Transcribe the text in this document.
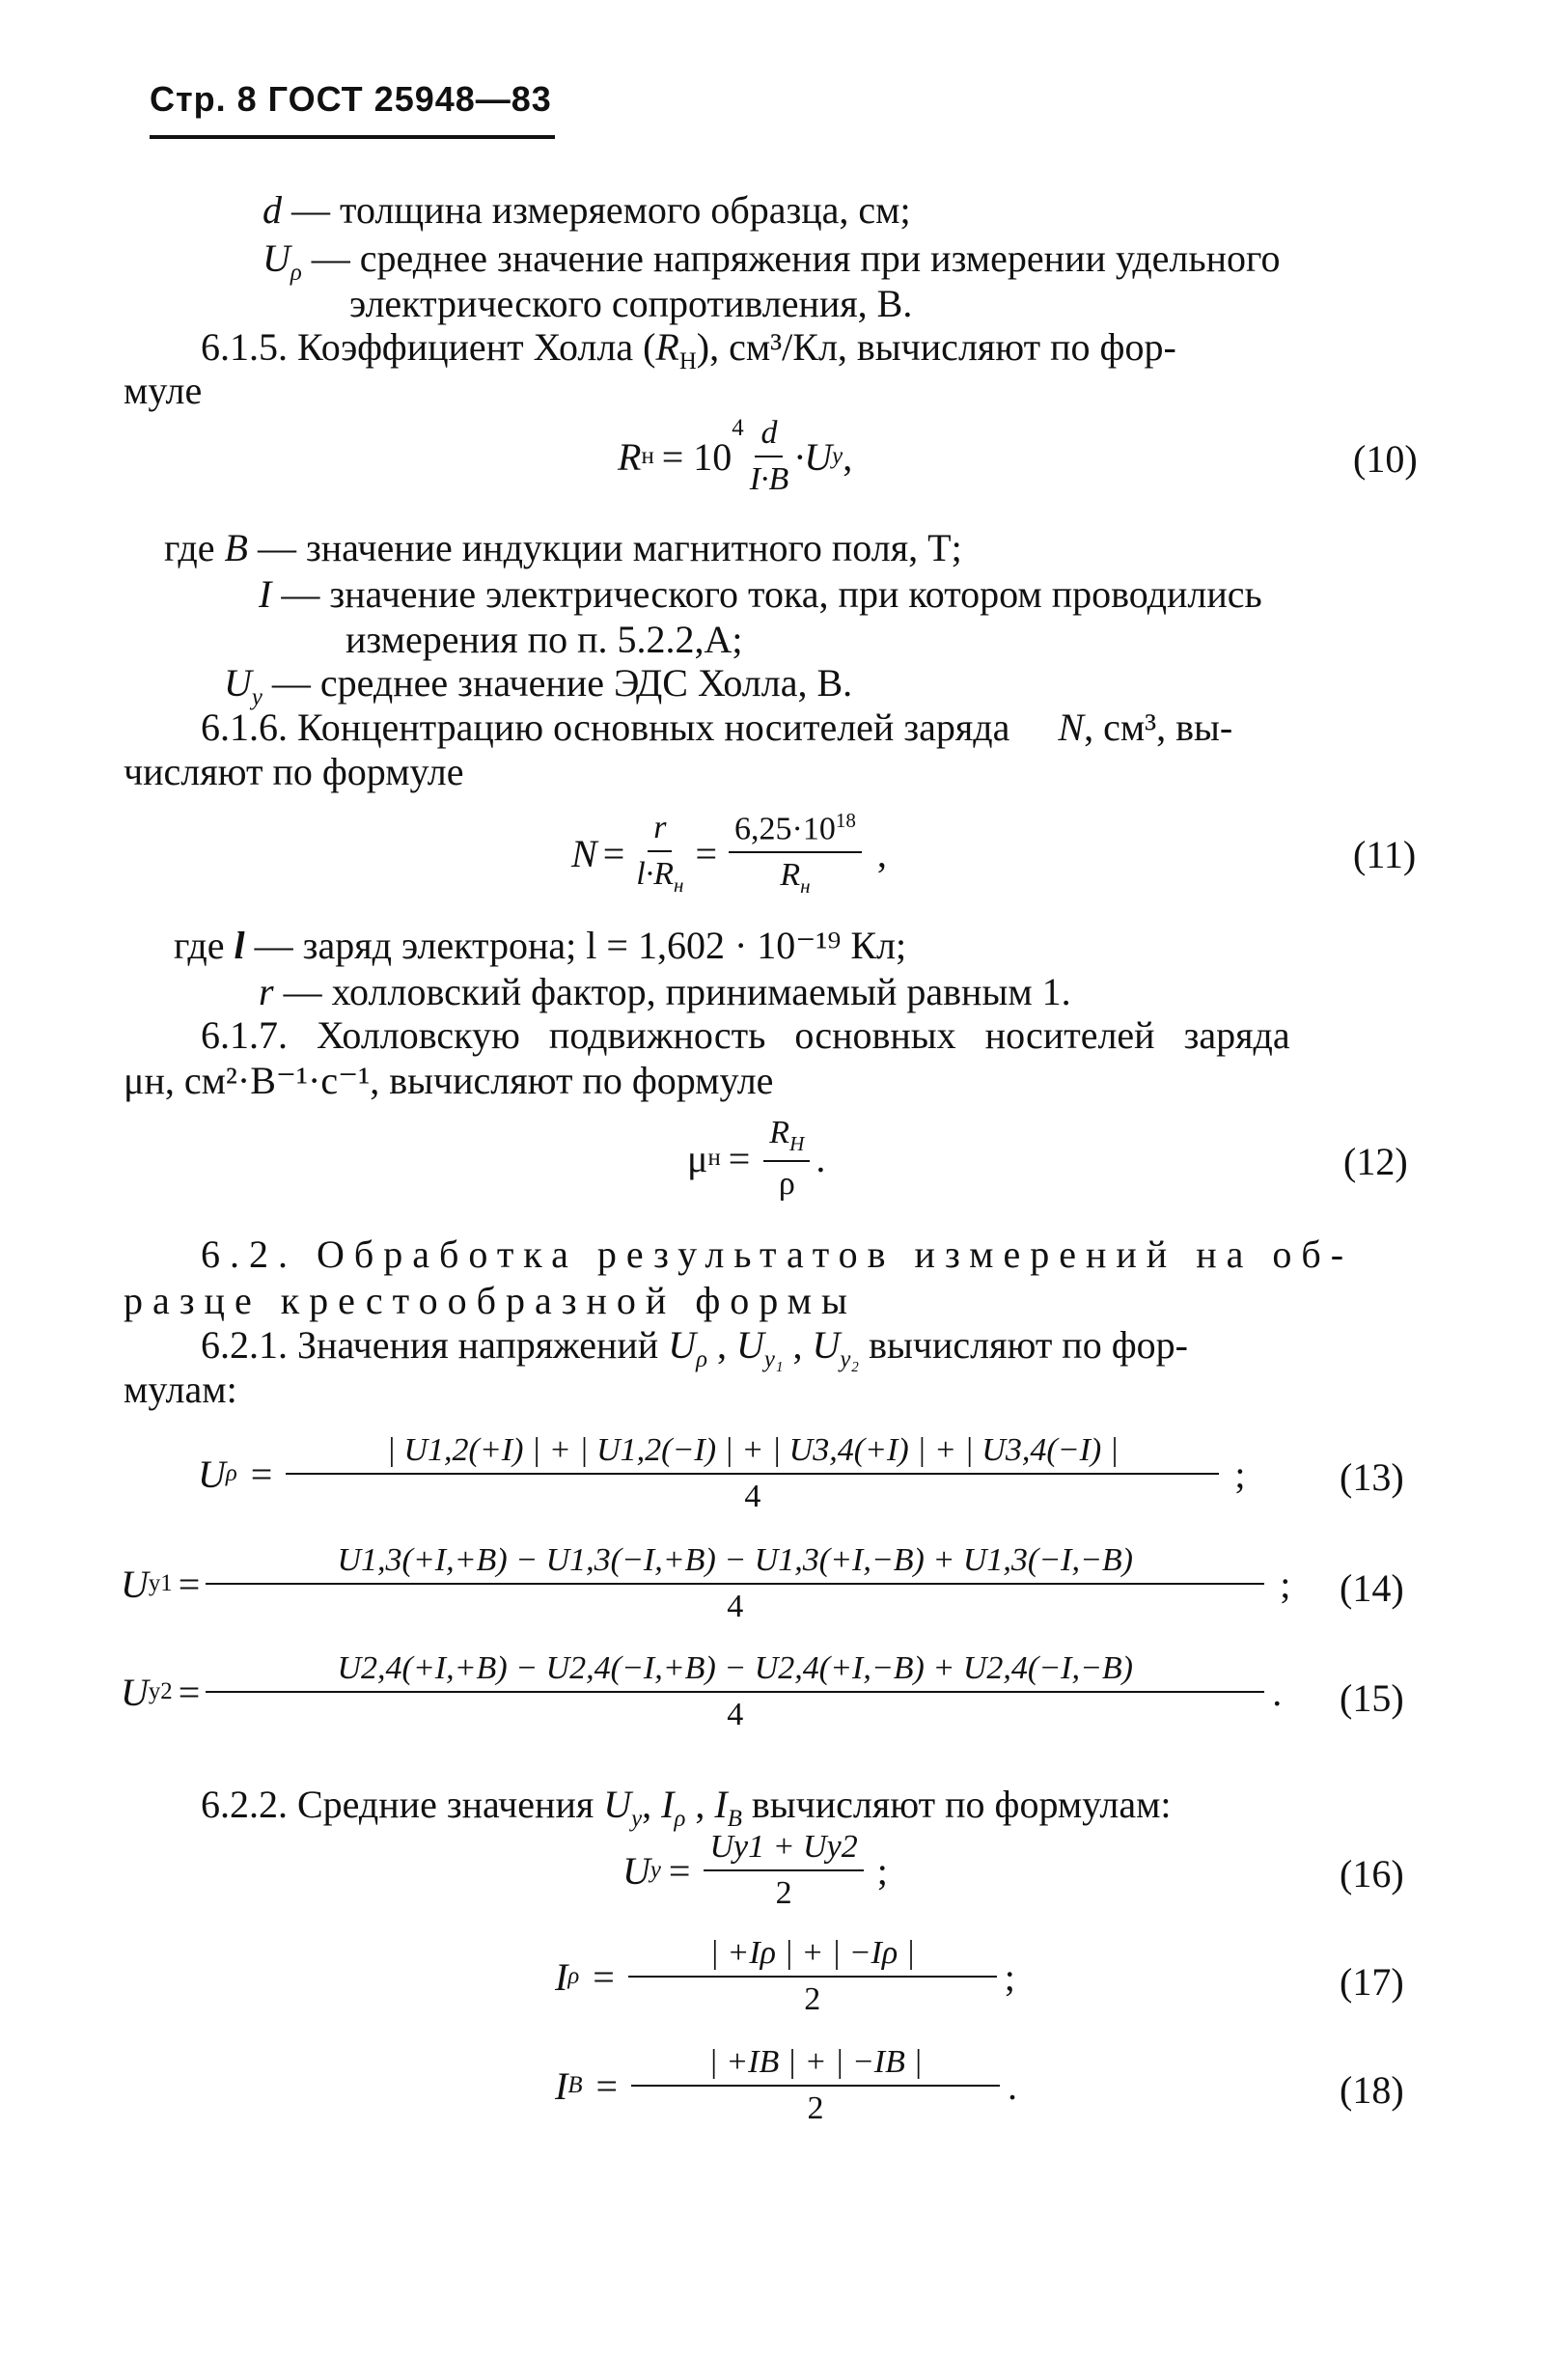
Стр. 8 ГОСТ 25948—83
d — толщина измеряемого образца, см;
$U_\rho$ — среднее значение напряжения при измерении удельного
электрического сопротивления, В.
6.1.5. Коэффициент Холла $(R_Н)$, см³/Кл, вычисляют по фор-
муле
R н = 10
$^4 \frac{d}{I\cdot B} \cdot U$ y ,	(10)
где B — значение индукции магнитного поля, Т;
I — значение электрического тока, при котором проводились
измерения по п. 5.2.2,А;
$U_y$ — среднее значение ЭДС Холла, В.
6.1.6. Концентрацию основных носителей заряда N, см³, вы-
числяют по формуле
$N = \frac{r}{l\cdot R_н} = \frac{6,25\cdot 10^{18}}{R_н}$ ,	(11)
где l — заряд электрона; l = 1,602 · 10⁻¹⁹ Кл;
r — холловский фактор, принимаемый равным 1.
6.1.7. Холловскую подвижность основных носителей заряда
μн, см²·В⁻¹·с⁻¹, вычисляют по формуле
μ $н = \frac{R_H}{\rho}$ .	(12)
6.2. Обработка результатов измерений на об-
разце крестообразной формы
6.2.1. Значения напряжений $U_\rho$ , $U_{y_1}$ , $U_{y_2}$ вычисляют по фор-
мулам:
U $\rho = \frac{| U1,2(+I) | + | U1,2(-I) | + | U3,4(+I) | + | U3,4(-I) |}{4}$ ; (13)
U $y1 = \frac{U1,3(+I,+B) - U1,3(-I,+B) - U1,3(+I,-B) + U1,3(-I,-B)}{4}$ ; (14)
U $y2 = \frac{U2,4(+I,+B) - U2,4(-I,+B) - U2,4(+I,-B) + U2,4(-I,-B)}{4}$ . (15)
6.2.2. Средние значения $U_y$, $I_\rho$ , $I_B$ вычисляют по формулам:
U $y = \frac{Uy1 + Uy2}{2}$ ;	(16)
I $\rho = \frac{| +I\rho | + | -I\rho |}{2}$ ;	(17)
I $B = \frac{| +IB | + | -IB |}{2}$ .	(18)
